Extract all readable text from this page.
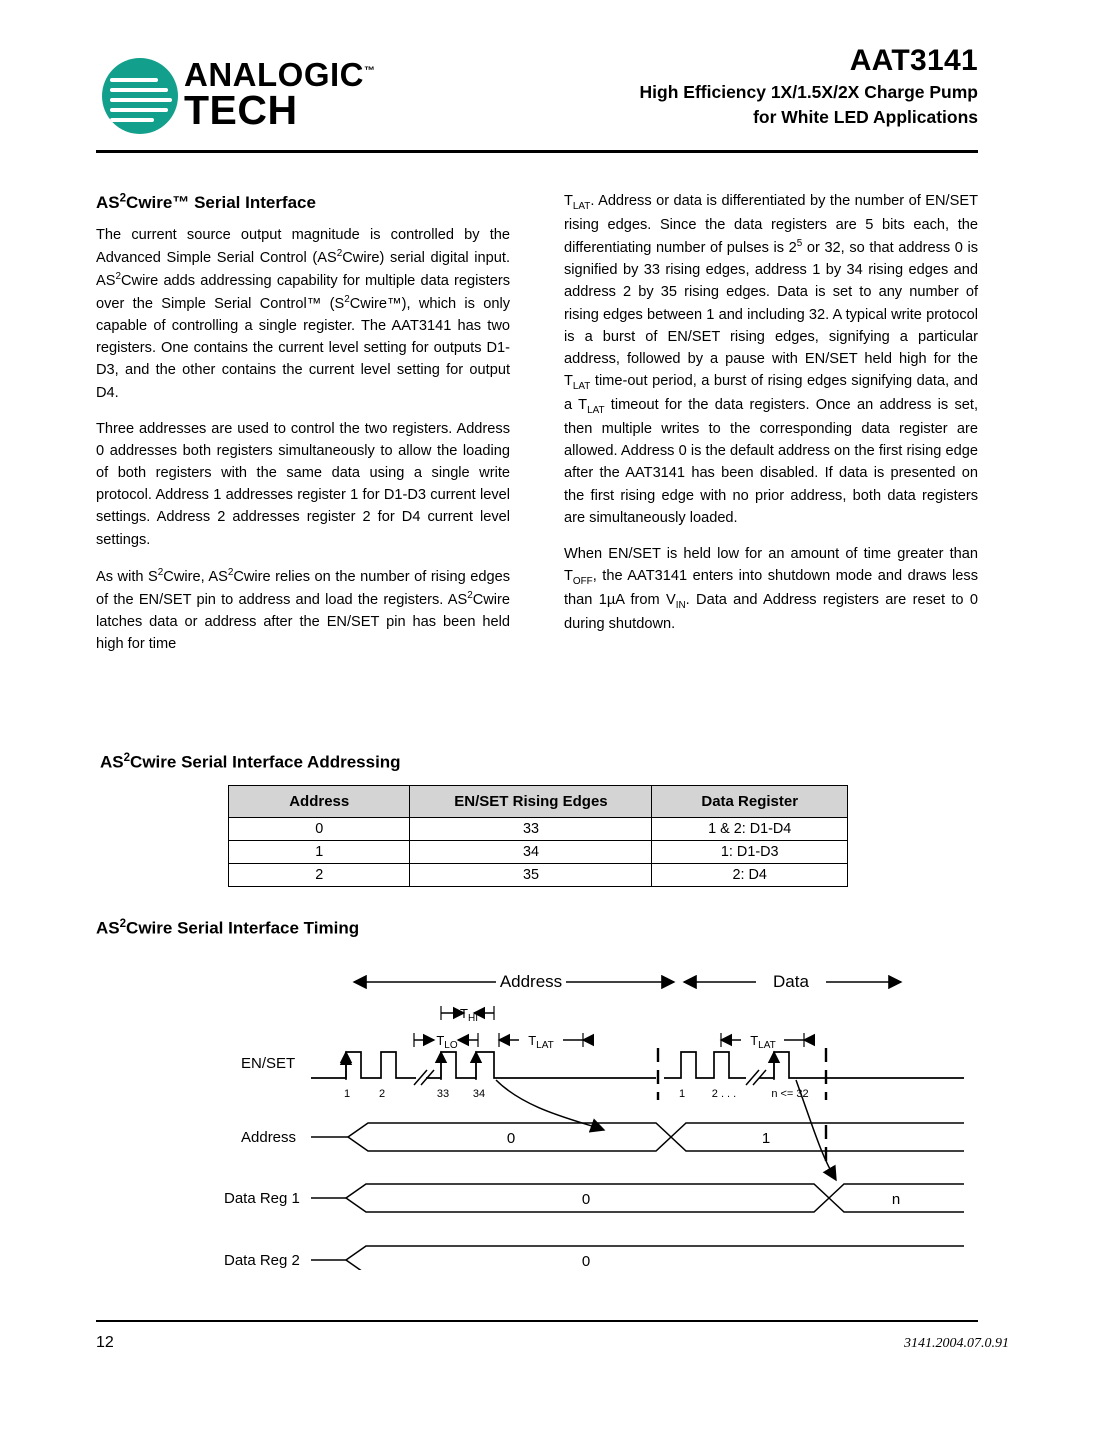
ANALOGIC™
TECH
AAT3141
High Efficiency 1X/1.5X/2X Charge Pump
for White LED Applications
$AS^2Cwire™$ Serial Interface

The current source output magnitude is controlled by the Advanced Simple Serial Control $(AS^2Cwire)$ serial digital input. $AS^2Cwire$ adds addressing capability for multiple data registers over the Simple Serial Control™ $(S^2Cwire™)$, which is only capable of controlling a single register. The AAT3141 has two registers. One contains the current level setting for outputs D1-D3, and the other contains the current level setting for output D4.

Three addresses are used to control the two registers. Address 0 addresses both registers simultaneously to allow the loading of both registers with the same data using a single write protocol. Address 1 addresses register 1 for D1-D3 current level settings. Address 2 addresses register 2 for D4 current level settings.

As with $S^2Cwire$, $AS^2Cwire$ relies on the number of rising edges of the EN/SET pin to address and load the registers. $AS^2Cwire$ latches data or address after the EN/SET pin has been held high for time

$T_{LAT}$. Address or data is differentiated by the number of EN/SET rising edges. Since the data registers are 5 bits each, the differentiating number of pulses is $2^5$ or 32, so that address 0 is signified by 33 rising edges, address 1 by 34 rising edges and address 2 by 35 rising edges. Data is set to any number of rising edges between 1 and including 32. A typical write protocol is a burst of EN/SET rising edges, signifying a particular address, followed by a pause with EN/SET held high for the $T_{LAT}$ time-out period, a burst of rising edges signifying data, and a $T_{LAT}$ timeout for the data registers. Once an address is set, then multiple writes to the corresponding data register are allowed. Address 0 is the default address on the first rising edge after the AAT3141 has been disabled. If data is presented on the first rising edge with no prior address, both data registers are simultaneously loaded.

When EN/SET is held low for an amount of time greater than $T_{OFF}$, the AAT3141 enters into shutdown mode and draws less than 1µA from $V_{IN}$. Data and Address registers are reset to 0 during shutdown.

$AS^2Cwire$ Serial Interface Addressing
Address	EN/SET Rising Edges	Data Register
0	33	1 & 2: D1-D4
1	34	1: D1-D3
2	35	2: D4
$AS^2Cwire$ Serial Interface Timing
Address	Data
$T_{HI}$
$T_{LO}$	$T_{LAT}$	$T_{LAT}$
EN/SET
1	2	33 34	1 2 . . .	n <= 32
Address	0	1
Data Reg 1	0	n
Data Reg 2	0
12	3141.2004.07.0.91
